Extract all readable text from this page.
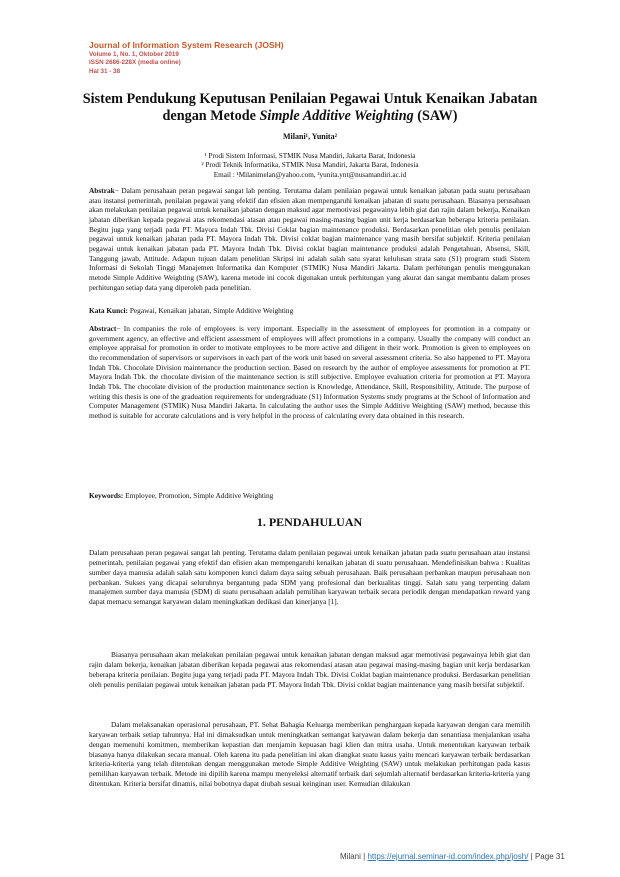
Journal of Information System Research (JOSH)
Volume 1, No. 1, Oktober 2019
ISSN 2686-228X (media online)
Hal 31 - 38
Sistem Pendukung Keputusan Penilaian Pegawai Untuk Kenaikan Jabatan dengan Metode Simple Additive Weighting (SAW)
Milani¹, Yunita²
¹ Prodi Sistem Informasi, STMIK Nusa Mandiri, Jakarta Barat, Indonesia
² Prodi Teknik Informatika, STMIK Nusa Mandiri, Jakarta Barat, Indonesia
Email : ¹Milanimelan@yahoo.com, ²yunita.ynt@nusamandiri.ac.id
Abstrak− Dalam perusahaan peran pegawai sangat lah penting. Terutama dalam penilaian pegawai untuk kenaikan jabatan pada suatu perusahaan atau instansi pemerintah, penilaian pegawai yang efektif dan efisien akan mempengaruhi kenaikan jabatan di suatu perusahaan. Biasanya perusahaan akan melakukan penilaian pegawai untuk kenaikan jabatan dengan maksud agar memotivasi pegawainya lebih giat dan rajin dalam bekerja, Kenaikan jabatan diberikan kepada pegawai atas rekomendasi atasan atau pegawai masing-masing bagian unit kerja berdasarkan beberapa kriteria penilaian. Begitu juga yang terjadi pada PT. Mayora Indah Tbk. Divisi Coklat bagian maintenance produksi. Berdasarkan penelitian oleh penulis penilaian pegawai untuk kenaikan jabatan pada PT. Mayora Indah Tbk. Divisi coklat bagian maintenance yang masih bersifat subjektif. Kriteria penilaian pegawai untuk kenaikan jabatan pada PT. Mayora Indah Tbk. Divisi coklat bagian maintenance produksi adalah Pengetahuan, Absensi, Skill, Tanggung jawab, Attitude. Adapun tujuan dalam penelitian Skripsi ini adalah salah satu syarat kelulusan strata satu (S1) program studi Sistem Informasi di Sekolah Tinggi Manajemen Informatika dan Komputer (STMIK) Nusa Mandiri Jakarta. Dalam perhitungan penulis menggunakan metode Simple Additive Weighting (SAW), karena metode ini cocok digunakan untuk perhitungan yang akurat dan sangat membantu dalam proses perhitungan setiap data yang diperoleh pada penelitian.
Kata Kunci: Pegawai, Kenaikan jabatan, Simple Additive Weighting
Abstract− In companies the role of employees is very important. Especially in the assessment of employees for promotion in a company or government agency, an effective and efficient assessment of employees will affect promotions in a company. Usually the company will conduct an employee appraisal for promotion in order to motivate employees to be more active and diligent in their work. Promotion is given to employees on the recommendation of supervisors or supervisors in each part of the work unit based on several assessment criteria. So also happened to PT. Mayora Indah Tbk. Chocolate Division maintenance the production section. Based on research by the author of employee assessments for promotion at PT. Mayora Indah Tbk. the chocolate division of the maintenance section is still subjective. Employee evaluation criteria for promotion at PT. Mayora Indah Tbk. The chocolate division of the production maintenance section is Knowledge, Attendance, Skill, Responsibility, Attitude. The purpose of writing this thesis is one of the graduation requirements for undergraduate (S1) Information Systems study programs at the School of Information and Computer Management (STMIK) Nusa Mandiri Jakarta. In calculating the author uses the Simple Additive Weighting (SAW) method, because this method is suitable for accurate calculations and is very helpful in the process of calculating every data obtained in this research.
Keywords: Employee, Promotion, Simple Additive Weighting
1. PENDAHULUAN
Dalam perusahaan peran pegawai sangat lah penting. Terutama dalam penilaian pegawai untuk kenaikan jabatan pada suatu perusahaan atau instansi pemerintah, penilaian pegawai yang efektif dan efisien akan mempengaruhi kenaikan jabatan di suatu perusahaan. Mendefinisikan bahwa : Kualitas sumber daya manusia adalah salah satu komponen kunci dalam daya saing sebuah perusahaan. Baik perusahaan perbankan maupun perusahaan non perbankan. Sukses yang dicapai seluruhnya bergantung pada SDM yang profesional dan berkualitas tinggi. Salah satu yang terpenting dalam manajemen sumber daya manusia (SDM) di suatu perusahaan adalah pemilihan karyawan terbaik secara periodik dengan mendapatkan reward yang dapat memacu semangat karyawan dalam meningkatkan dedikasi dan kinerjanya [1].
Biasanya perusahaan akan melakukan penilaian pegawai untuk kenaikan jabatan dengan maksud agar memotivasi pegawainya lebih giat dan rajin dalam bekerja, kenaikan jabatan diberikan kepada pegawai atas rekomendasi atasan atau pegawai masing-masing bagian unit kerja berdasarkan beberapa kriteria penilaian. Begitu juga yang terjadi pada PT. Mayora Indah Tbk. Divisi Coklat bagian maintenance produksi. Berdasarkan penelitian oleh penulis penilaian pegawai untuk kenaikan jabatan pada PT. Mayora Indah Tbk. Divisi coklat bagian maintenance yang masih bersifat subjektif.
Dalam melaksanakan operasional perusahaan, PT. Sehat Bahagia Keluarga memberikan penghargaan kepada karyawan dengan cara memilih karyawan terbaik setiap tahunnya. Hal ini dimaksudkan untuk meningkatkan semangat karyawan dalam bekerja dan senantiasa menjalankan usaha dengan memenuhi komitmen, memberikan kepastian dan menjamin kepuasan bagi klien dan mitra usaha. Untuk menentukan karyawan terbaik biasanya hanya dilakukan secara manual. Oleh karena itu pada penelitian ini akan diangkat suatu kasus yaitu mencari karyawan terbaik berdasarkan kriteria-kriteria yang telah ditentukan dengan menggunakan metode Simple Additive Weighting (SAW) untuk melakukan perhitungan pada kasus pemilihan karyawan terbaik. Metode ini dipilih karena mampu menyeleksi alternatif terbaik dari sejumlah alternatif berdasarkan kriteria-kriteria yang ditentukan. Kriteria bersifat dinamis, nilai bobotnya dapat diubah sesuai keinginan user. Kemudian dilakukan
Milani | https://ejurnal.seminar-id.com/index.php/josh/ | Page 31
